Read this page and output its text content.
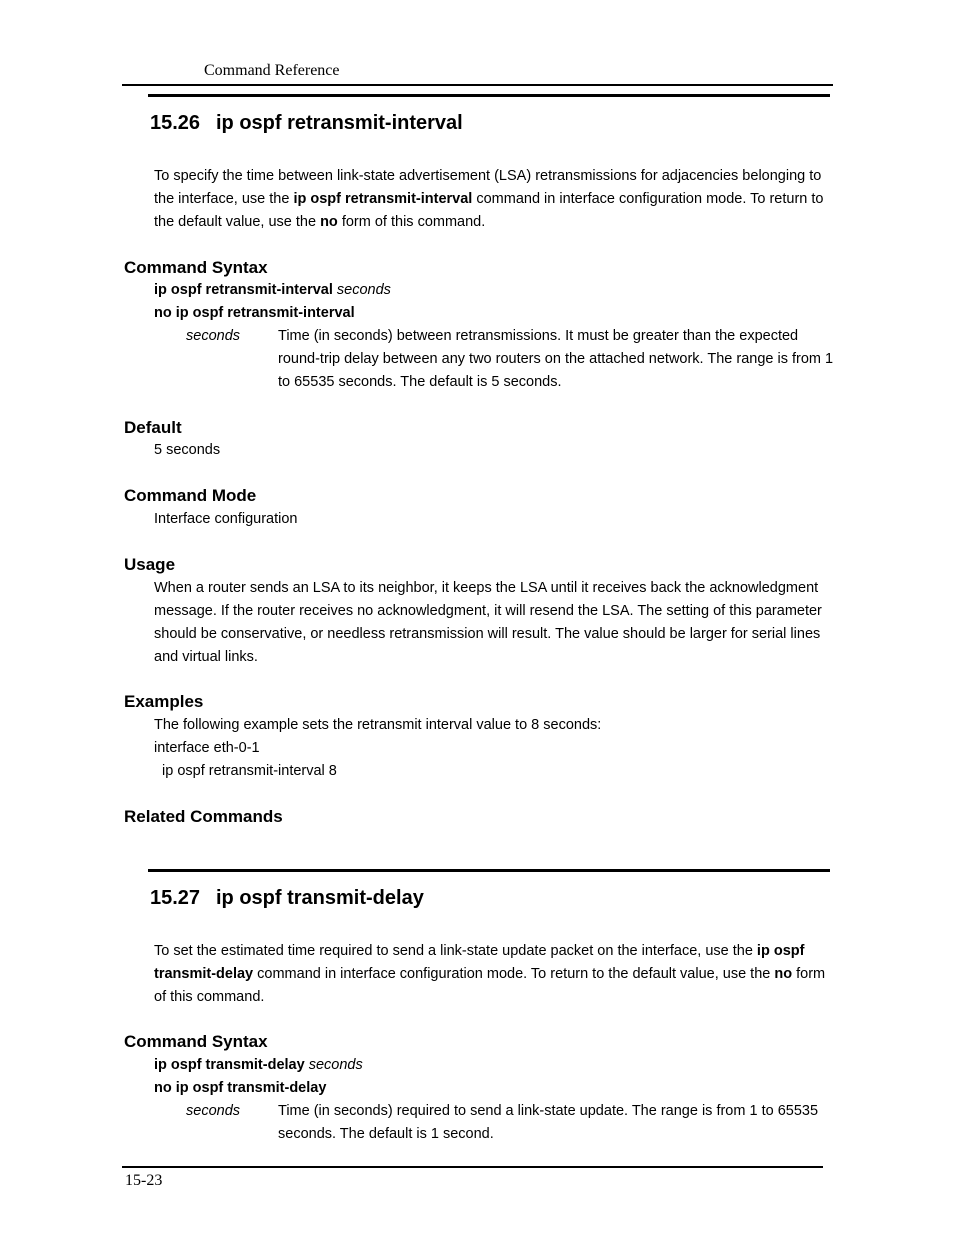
Command Reference
15.26 ip ospf retransmit-interval
To specify the time between link-state advertisement (LSA) retransmissions for adjacencies belonging to the interface, use the ip ospf retransmit-interval command in interface configuration mode. To return to the default value, use the no form of this command.
Command Syntax
ip ospf retransmit-interval seconds
no ip ospf retransmit-interval
seconds	Time (in seconds) between retransmissions. It must be greater than the expected round-trip delay between any two routers on the attached network. The range is from 1 to 65535 seconds. The default is 5 seconds.
Default
5 seconds
Command Mode
Interface configuration
Usage
When a router sends an LSA to its neighbor, it keeps the LSA until it receives back the acknowledgment message. If the router receives no acknowledgment, it will resend the LSA. The setting of this parameter should be conservative, or needless retransmission will result. The value should be larger for serial lines and virtual links.
Examples
The following example sets the retransmit interval value to 8 seconds:
interface eth-0-1
ip ospf retransmit-interval 8
Related Commands
15.27 ip ospf transmit-delay
To set the estimated time required to send a link-state update packet on the interface, use the ip ospf transmit-delay command in interface configuration mode. To return to the default value, use the no form of this command.
Command Syntax
ip ospf transmit-delay seconds
no ip ospf transmit-delay
seconds	Time (in seconds) required to send a link-state update. The range is from 1 to 65535 seconds. The default is 1 second.
15-23
